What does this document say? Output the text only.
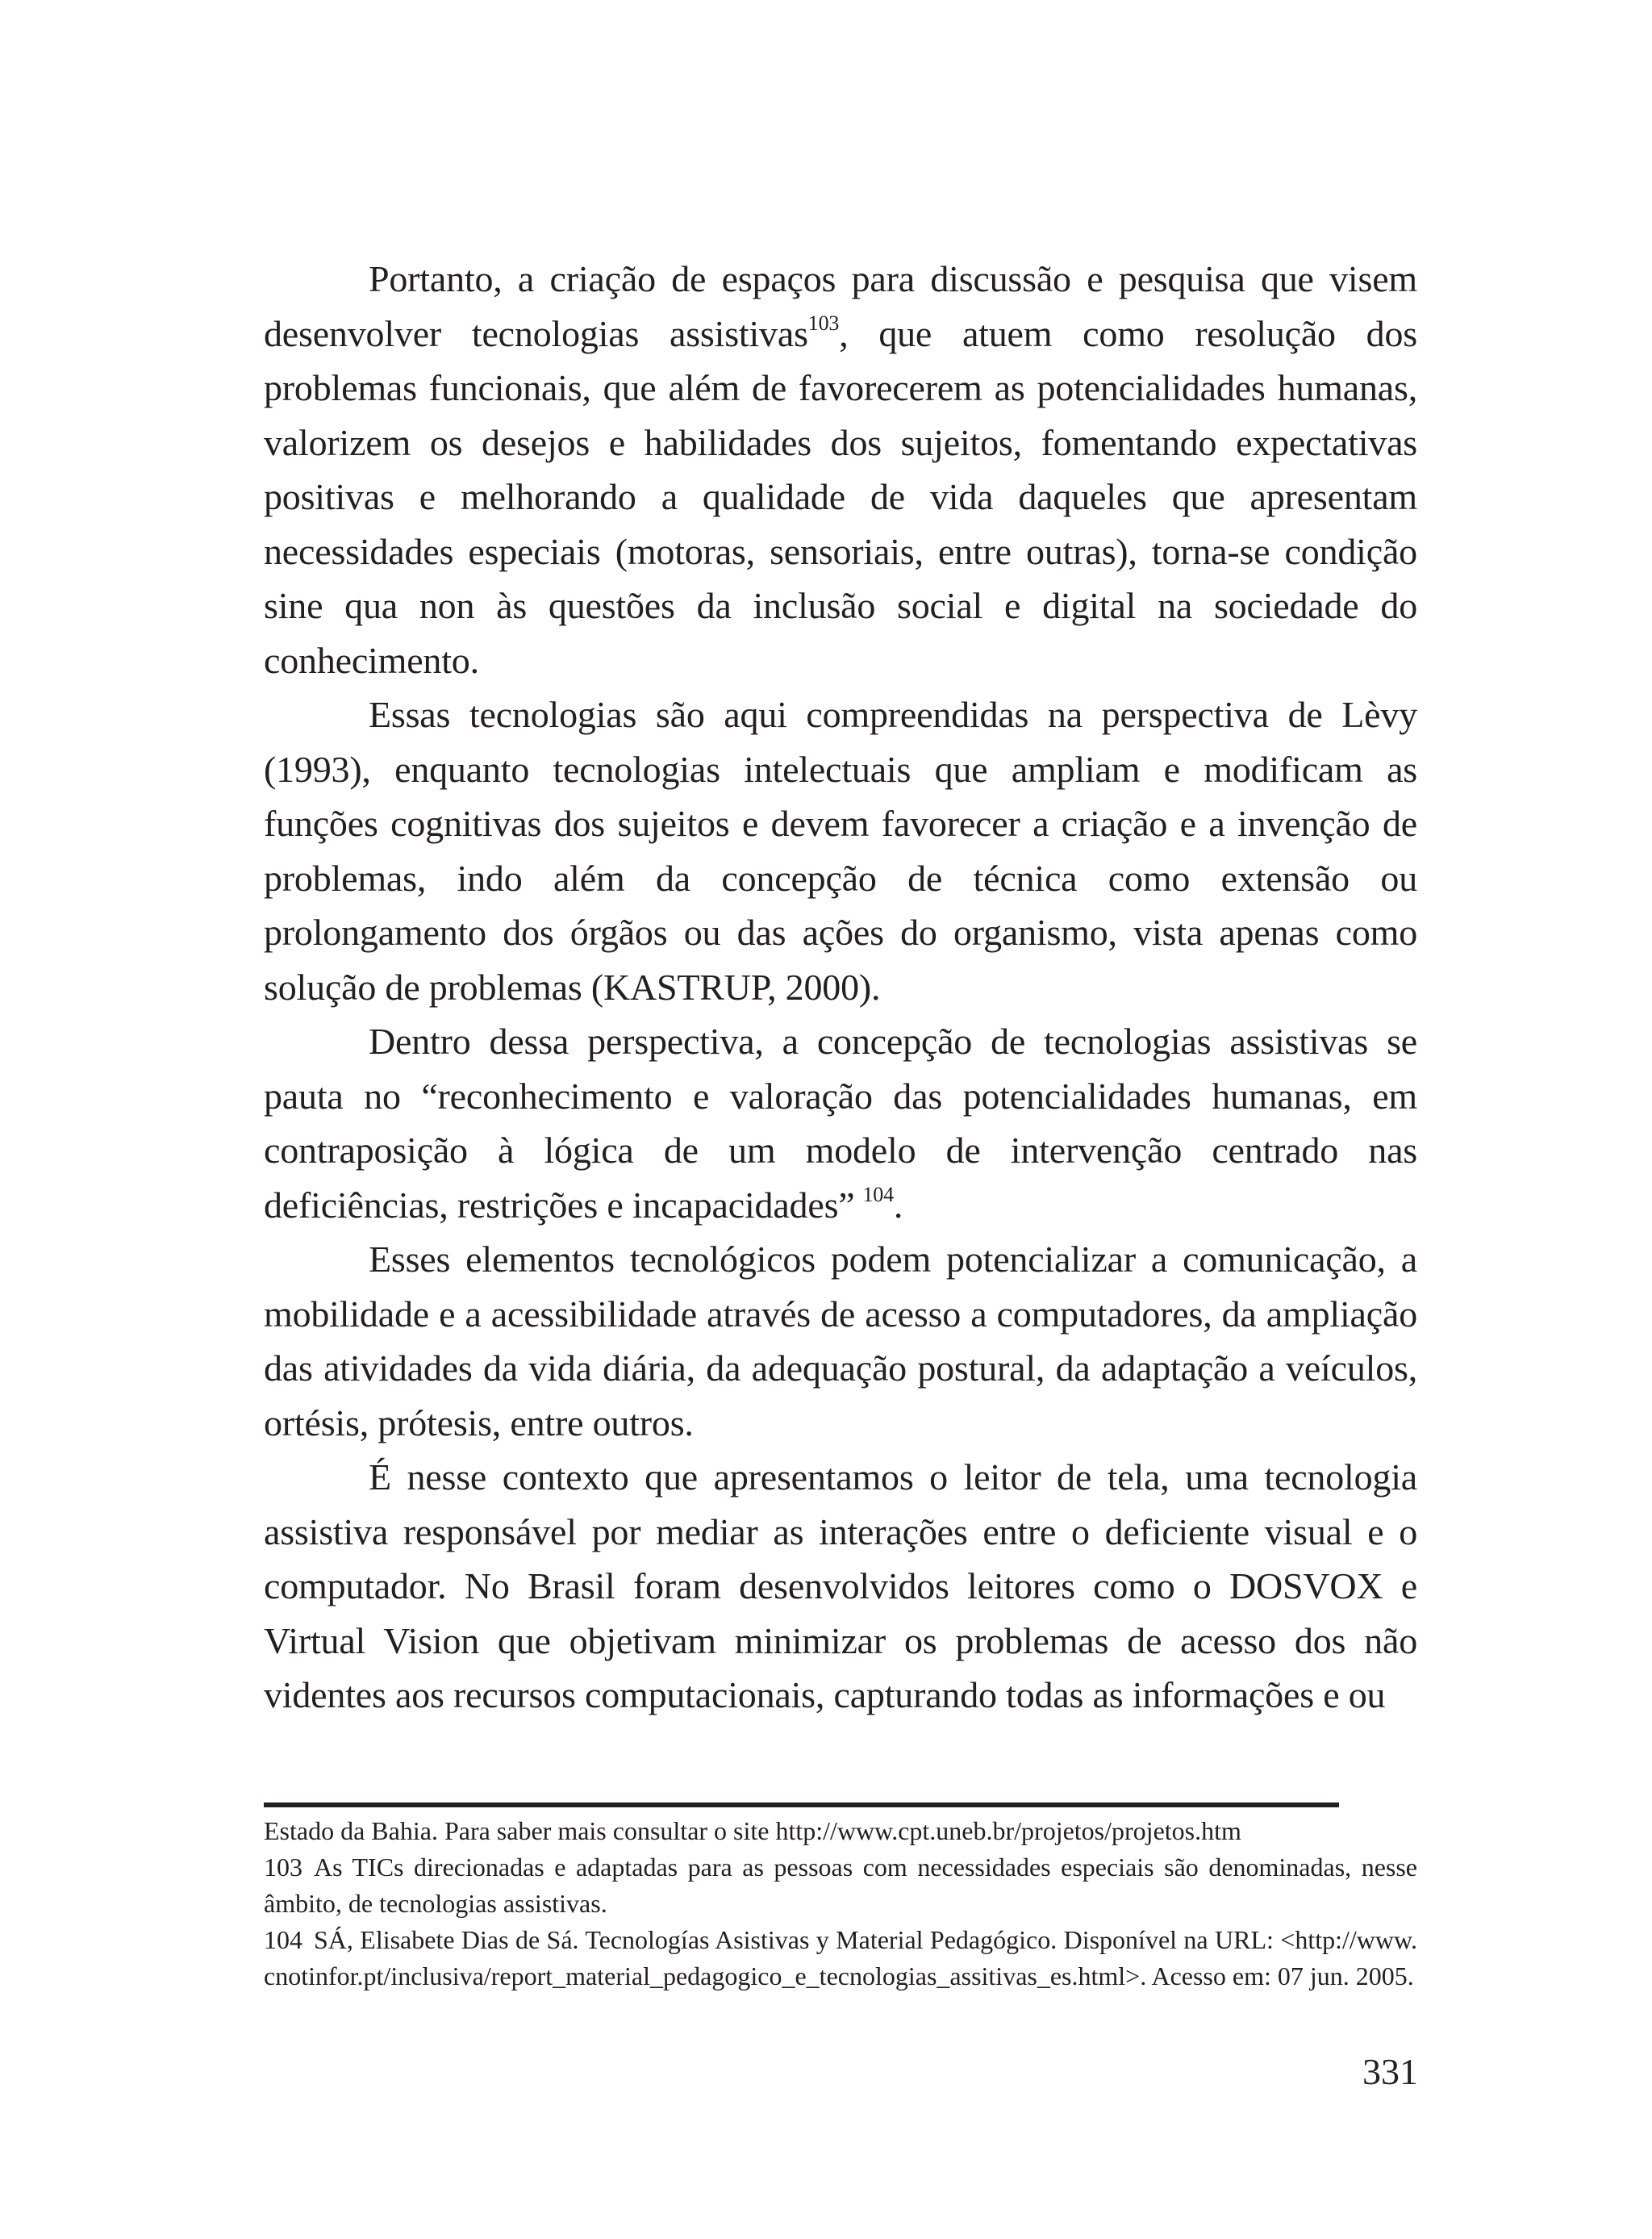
Portanto, a criação de espaços para discussão e pesquisa que visem desenvolver tecnologias assistivas$^{103}$, que atuem como resolução dos problemas funcionais, que além de favorecerem as potencialidades humanas, valorizem os desejos e habilidades dos sujeitos, fomentando expectativas positivas e melhorando a qualidade de vida daqueles que apresentam necessidades especiais (motoras, sensoriais, entre outras), torna-se condição sine qua non às questões da inclusão social e digital na sociedade do conhecimento.

Essas tecnologias são aqui compreendidas na perspectiva de Lèvy (1993), enquanto tecnologias intelectuais que ampliam e modificam as funções cognitivas dos sujeitos e devem favorecer a criação e a invenção de problemas, indo além da concepção de técnica como extensão ou prolongamento dos órgãos ou das ações do organismo, vista apenas como solução de problemas (KASTRUP, 2000).

Dentro dessa perspectiva, a concepção de tecnologias assistivas se pauta no “reconhecimento e valoração das potencialidades humanas, em contraposição à lógica de um modelo de intervenção centrado nas deficiências, restrições e incapacidades” $^{104}$.

Esses elementos tecnológicos podem potencializar a comunicação, a mobilidade e a acessibilidade através de acesso a computadores, da ampliação das atividades da vida diária, da adequação postural, da adaptação a veículos, ortésis, prótesis, entre outros.

É nesse contexto que apresentamos o leitor de tela, uma tecnologia assistiva responsável por mediar as interações entre o deficiente visual e o computador. No Brasil foram desenvolvidos leitores como o DOSVOX e Virtual Vision que objetivam minimizar os problemas de acesso dos não videntes aos recursos computacionais, capturando todas as informações e ou

Estado da Bahia. Para saber mais consultar o site http://www.cpt.uneb.br/projetos/projetos.htm

103 As TICs direcionadas e adaptadas para as pessoas com necessidades especiais são denominadas, nesse âmbito, de tecnologias assistivas.

104 SÁ, Elisabete Dias de Sá. Tecnologías Asistivas y Material Pedagógico. Disponível na URL: <http://www.cnotinfor.pt/inclusiva/report_material_pedagogico_e_tecnologias_assitivas_es.html>. Acesso em: 07 jun. 2005.

331
